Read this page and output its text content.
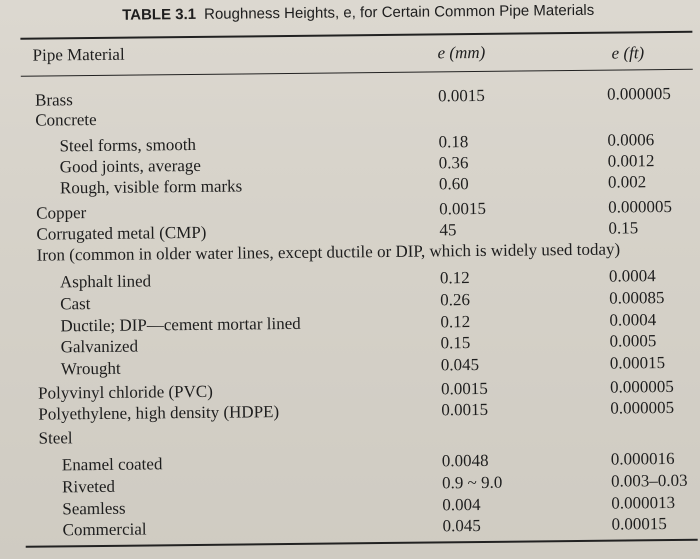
TABLE 3.1 Roughness Heights, e, for Certain Common Pipe Materials
Pipe Material	e (mm)	e (ft)
Brass	0.0015	0.000005
Concrete
Steel forms, smooth	0.18	0.0006
Good joints, average	0.36	0.0012
Rough, visible form marks	0.60	0.002
Copper	0.0015	0.000005
Corrugated metal (CMP)	45	0.15
Iron (common in older water lines, except ductile or DIP, which is widely used today)
Asphalt lined	0.12	0.0004
Cast	0.26	0.00085
Ductile; DIP—cement mortar lined	0.12	0.0004
Galvanized	0.15	0.0005
Wrought	0.045	0.00015
Polyvinyl chloride (PVC)	0.0015	0.000005
Polyethylene, high density (HDPE)	0.0015	0.000005
Steel
Enamel coated	0.0048	0.000016
Riveted	0.9 ~ 9.0	0.003–0.03
Seamless	0.004	0.000013
Commercial	0.045	0.00015
